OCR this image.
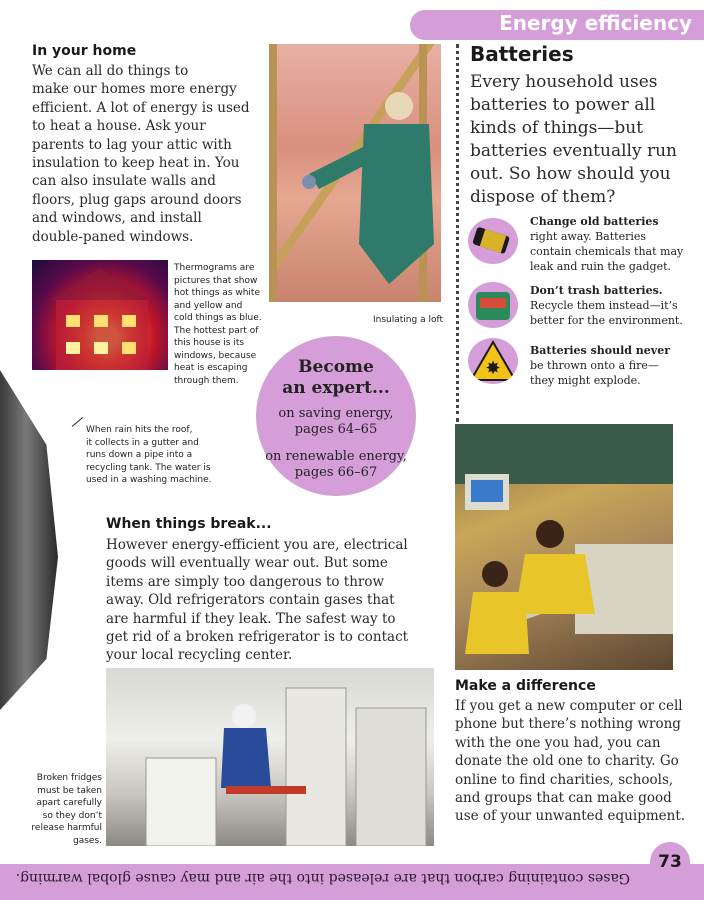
Energy efficiency
In your home
We can all do things to
make our homes more energy
efficient. A lot of energy is used
to heat a house. Ask your
parents to lag your attic with
insulation to keep heat in. You
can also insulate walls and
floors, plug gaps around doors
and windows, and install
double-paned windows.
Thermograms are
pictures that show
hot things as white
and yellow and
cold things as blue.
The hottest part of
this house is its
windows, because
heat is escaping
through them.
Insulating a loft
Batteries
Every household uses
batteries to power all
kinds of things—but
batteries eventually run
out. So how should you
dispose of them?
Change old batteries
right away. Batteries
contain chemicals that may
leak and ruin the gadget.
Don’t trash batteries.
Recycle them instead—it’s
better for the environment.
✸
Batteries should never
be thrown onto a fire—
they might explode.
Become
an expert...
on saving energy,
pages 64–65
on renewable energy,
pages 66–67
When rain hits the roof,
it collects in a gutter and
runs down a pipe into a
recycling tank. The water is
used in a washing machine.
When things break...
However energy-efficient you are, electrical
goods will eventually wear out. But some
items are simply too dangerous to throw
away. Old refrigerators contain gases that
are harmful if they leak. The safest way to
get rid of a broken refrigerator is to contact
your local recycling center.
Broken fridges
must be taken
apart carefully
so they don’t
release harmful
gases.
Make a difference
If you get a new computer or cell
phone but there’s nothing wrong
with the one you had, you can
donate the old one to charity. Go
online to find charities, schools,
and groups that can make good
use of your unwanted equipment.
Gases containing carbon that are released into the air and may cause global warming.
73
